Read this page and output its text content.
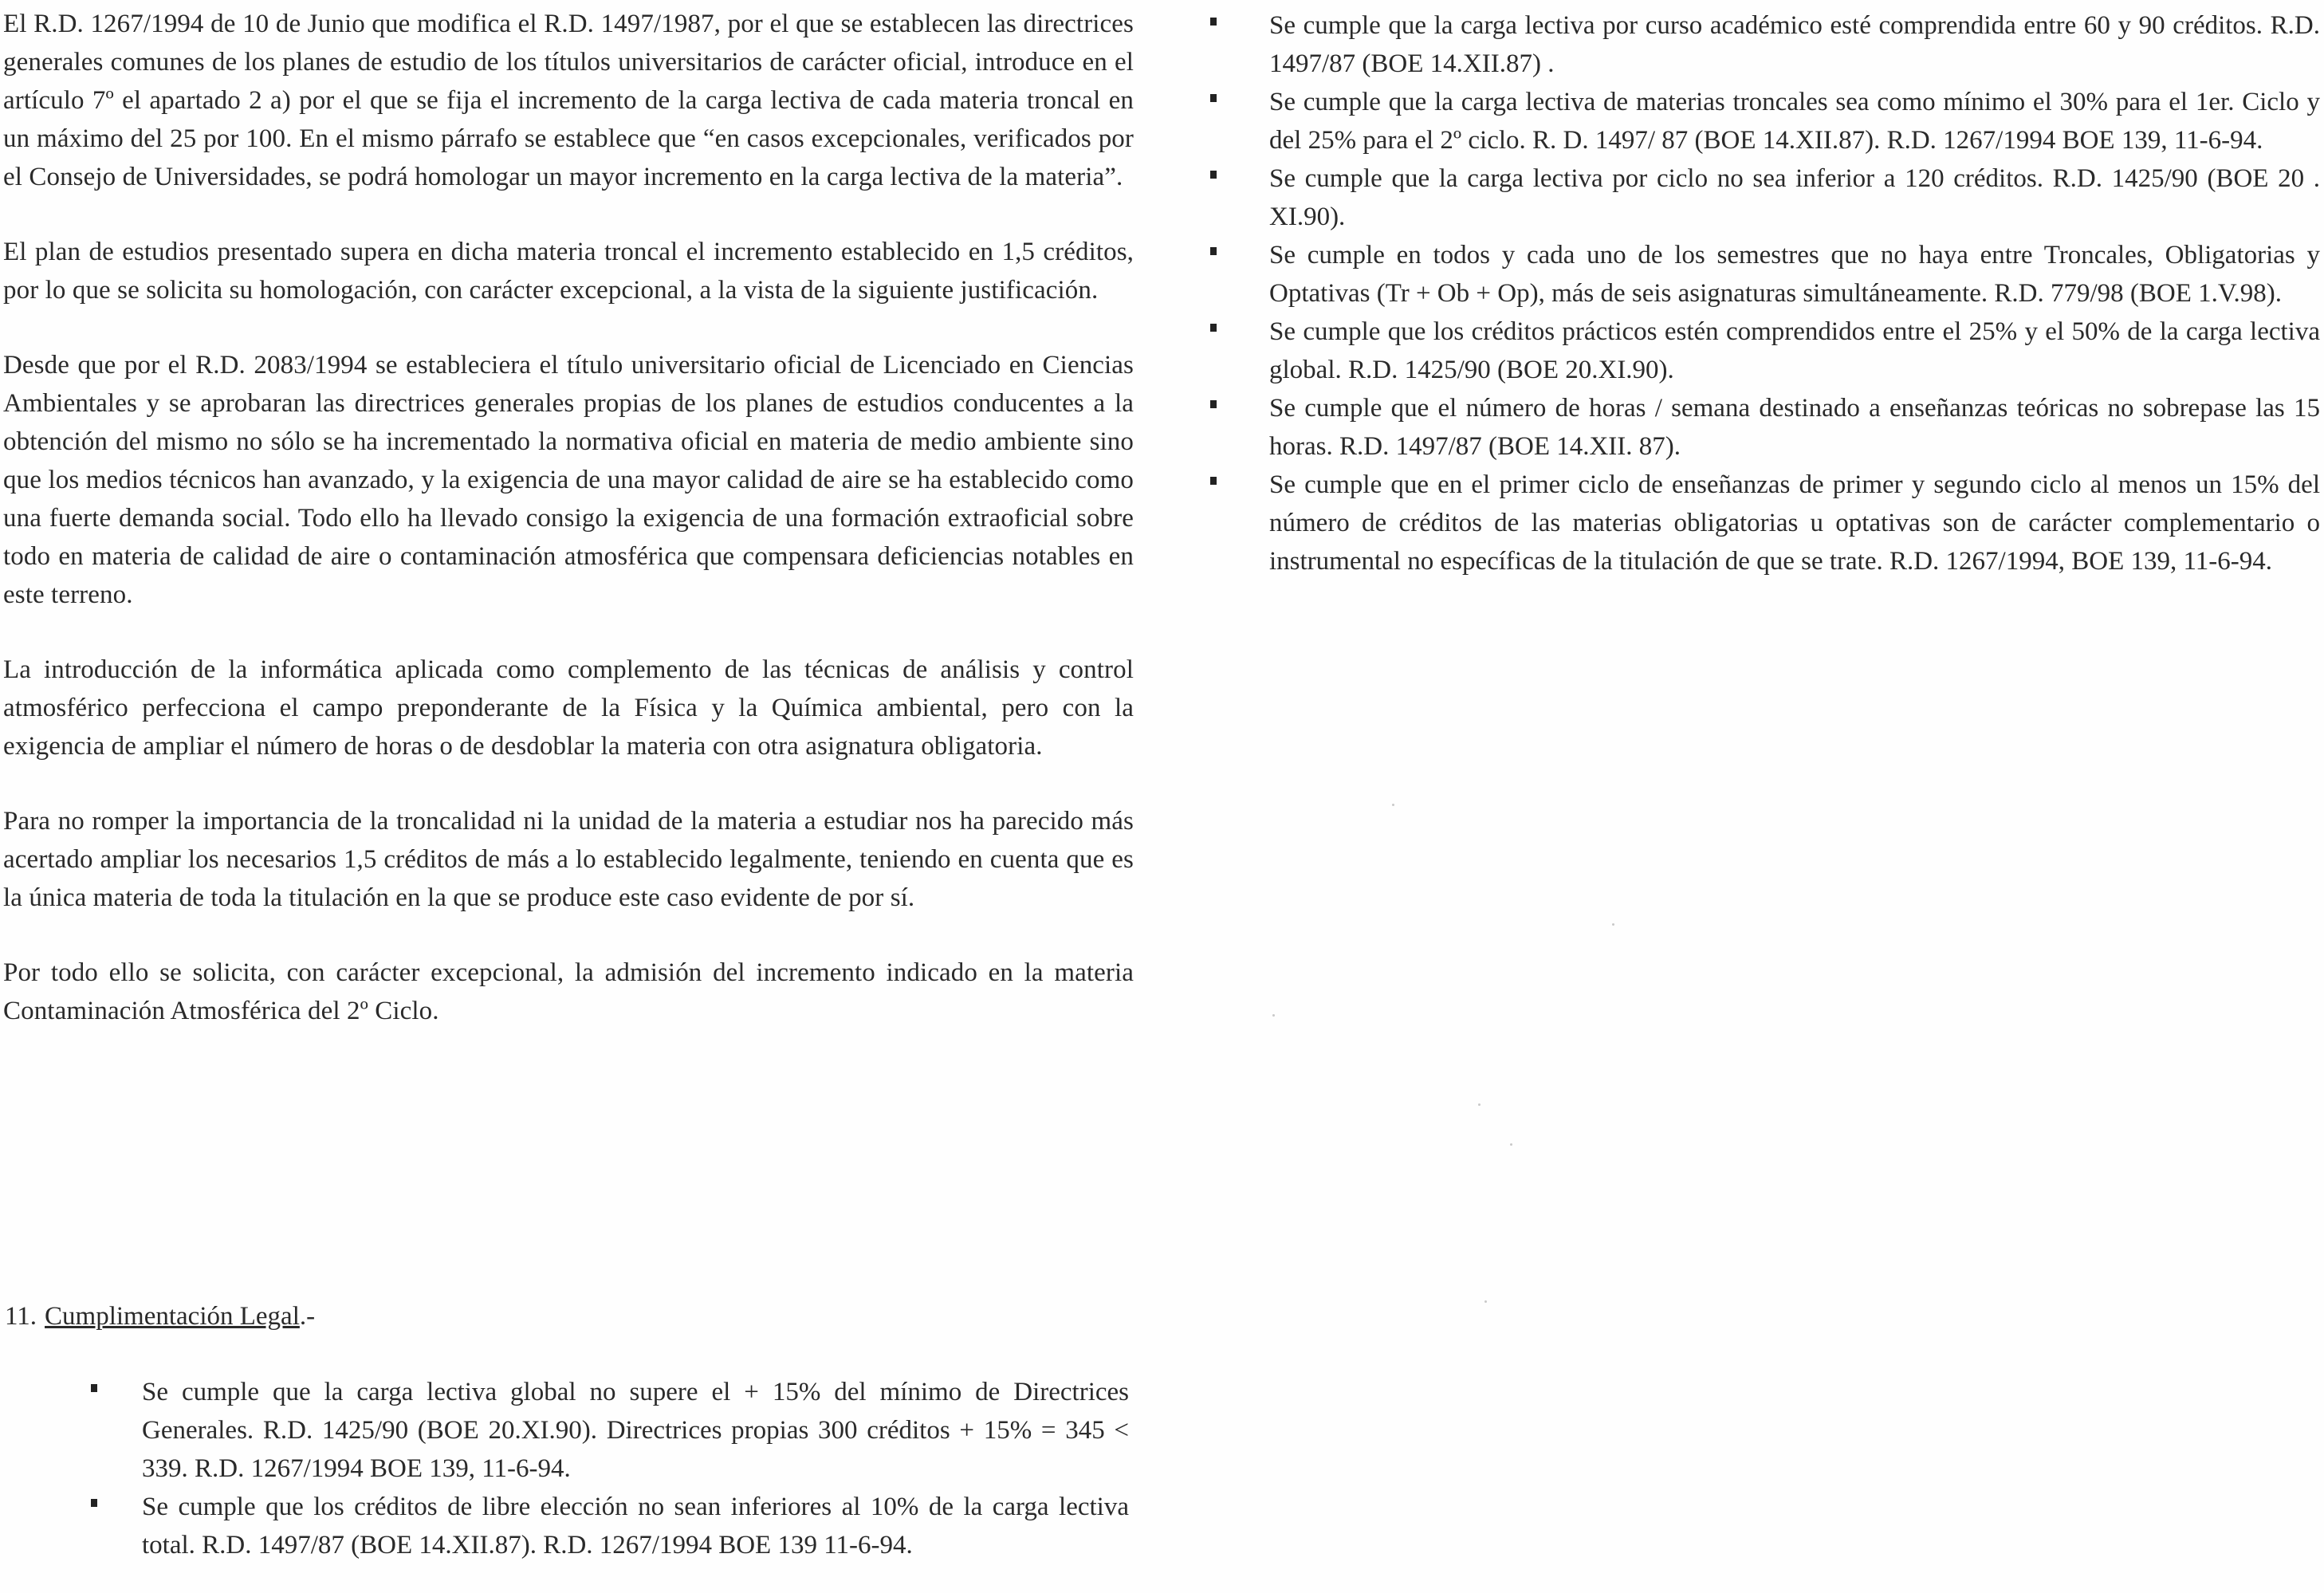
El R.D. 1267/1994 de 10 de Junio que modifica el R.D. 1497/1987, por el que se establecen las directrices generales comunes de los planes de estudio de los títulos universitarios de carácter oficial, introduce en el artículo 7º el apartado 2 a) por el que se fija el incremento de la carga lectiva de cada materia troncal en un máximo del 25 por 100. En el mismo párrafo se establece que “en casos excepcionales, verificados por el Consejo de Universidades, se podrá homologar un mayor incremento en la carga lectiva de la materia”.

El plan de estudios presentado supera en dicha materia troncal el incremento establecido en 1,5 créditos, por lo que se solicita su homologación, con carácter excepcional, a la vista de la siguiente justificación.

Desde que por el R.D. 2083/1994 se estableciera el título universitario oficial de Licenciado en Ciencias Ambientales y se aprobaran las directrices generales propias de los planes de estudios conducentes a la obtención del mismo no sólo se ha incrementado la normativa oficial en materia de medio ambiente sino que los medios técnicos han avanzado, y la exigencia de una mayor calidad de aire se ha establecido como una fuerte demanda social. Todo ello ha llevado consigo la exigencia de una formación extraoficial sobre todo en materia de calidad de aire o contaminación atmosférica que compensara deficiencias notables en este terreno.

La introducción de la informática aplicada como complemento de las técnicas de análisis y control atmosférico perfecciona el campo preponderante de la Física y la Química ambiental, pero con la exigencia de ampliar el número de horas o de desdoblar la materia con otra asignatura obligatoria.

Para no romper la importancia de la troncalidad ni la unidad de la materia a estudiar nos ha parecido más acertado ampliar los necesarios 1,5 créditos de más a lo establecido legalmente, teniendo en cuenta que es la única materia de toda la titulación en la que se produce este caso evidente de por sí.

Por todo ello se solicita, con carácter excepcional, la admisión del incremento indicado en la materia Contaminación Atmosférica del 2º Ciclo.

11. Cumplimentación Legal.-
Se cumple que la carga lectiva global no supere el + 15% del mínimo de Directrices Generales. R.D. 1425/90 (BOE 20.XI.90). Directrices propias 300 créditos + 15% = 345 < 339. R.D. 1267/1994 BOE 139, 11-6-94.
Se cumple que los créditos de libre elección no sean inferiores al 10% de la carga lectiva total. R.D. 1497/87 (BOE 14.XII.87). R.D. 1267/1994 BOE 139 11-6-94.
Se cumple que la carga lectiva por curso académico esté comprendida entre 60 y 90 créditos. R.D. 1497/87 (BOE 14.XII.87) .
Se cumple que la carga lectiva de materias troncales sea como mínimo el 30% para el 1er. Ciclo y del 25% para el 2º ciclo. R. D. 1497/ 87 (BOE 14.XII.87). R.D. 1267/1994 BOE 139, 11-6-94.
Se cumple que la carga lectiva por ciclo no sea inferior a 120 créditos. R.D. 1425/90 (BOE 20 . XI.90).
Se cumple en todos y cada uno de los semestres que no haya entre Troncales, Obligatorias y Optativas (Tr + Ob + Op), más de seis asignaturas simultáneamente. R.D. 779/98 (BOE 1.V.98).
Se cumple que los créditos prácticos estén comprendidos entre el 25% y el 50% de la carga lectiva global. R.D. 1425/90 (BOE 20.XI.90).
Se cumple que el número de horas / semana destinado a enseñanzas teóricas no sobrepase las 15 horas. R.D. 1497/87 (BOE 14.XII. 87).
Se cumple que en el primer ciclo de enseñanzas de primer y segundo ciclo al menos un 15% del número de créditos de las materias obligatorias u optativas son de carácter complementario o instrumental no específicas de la titulación de que se trate. R.D. 1267/1994, BOE 139, 11-6-94.
